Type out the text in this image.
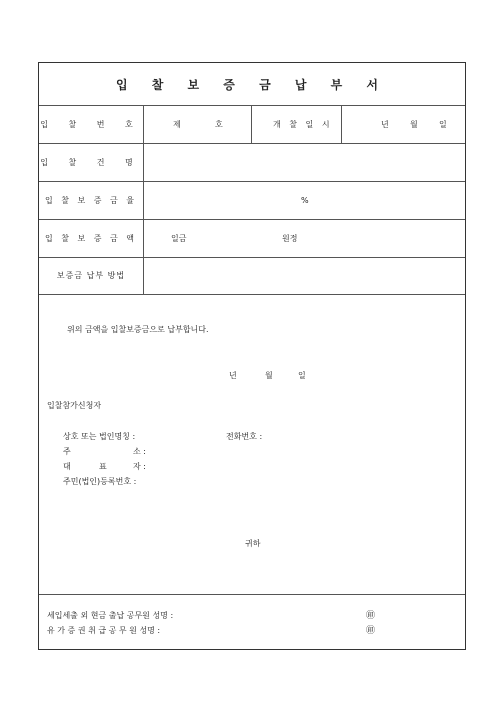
입 찰 보 증 금 납 부 서
입 찰 번 호	제	호	개 찰 일 시	년	월	일
입 찰 건 명
입 찰 보 증 금 율	%
입 찰 보 증 금 액	일금	원정
보증금 납부 방법
위의 금액을 입찰보증금으로 납부합니다.
년	월	일
입찰참가신청자
상호 또는 법인명칭 :	전화번호 :
주	소 :
대	표	자 :
주민(법인)등록번호 :
귀하
세입세출 외 현금 출납 공무원 성명 :	㊞
유 가 증 권 취 급 공 무 원 성명 :	㊞
